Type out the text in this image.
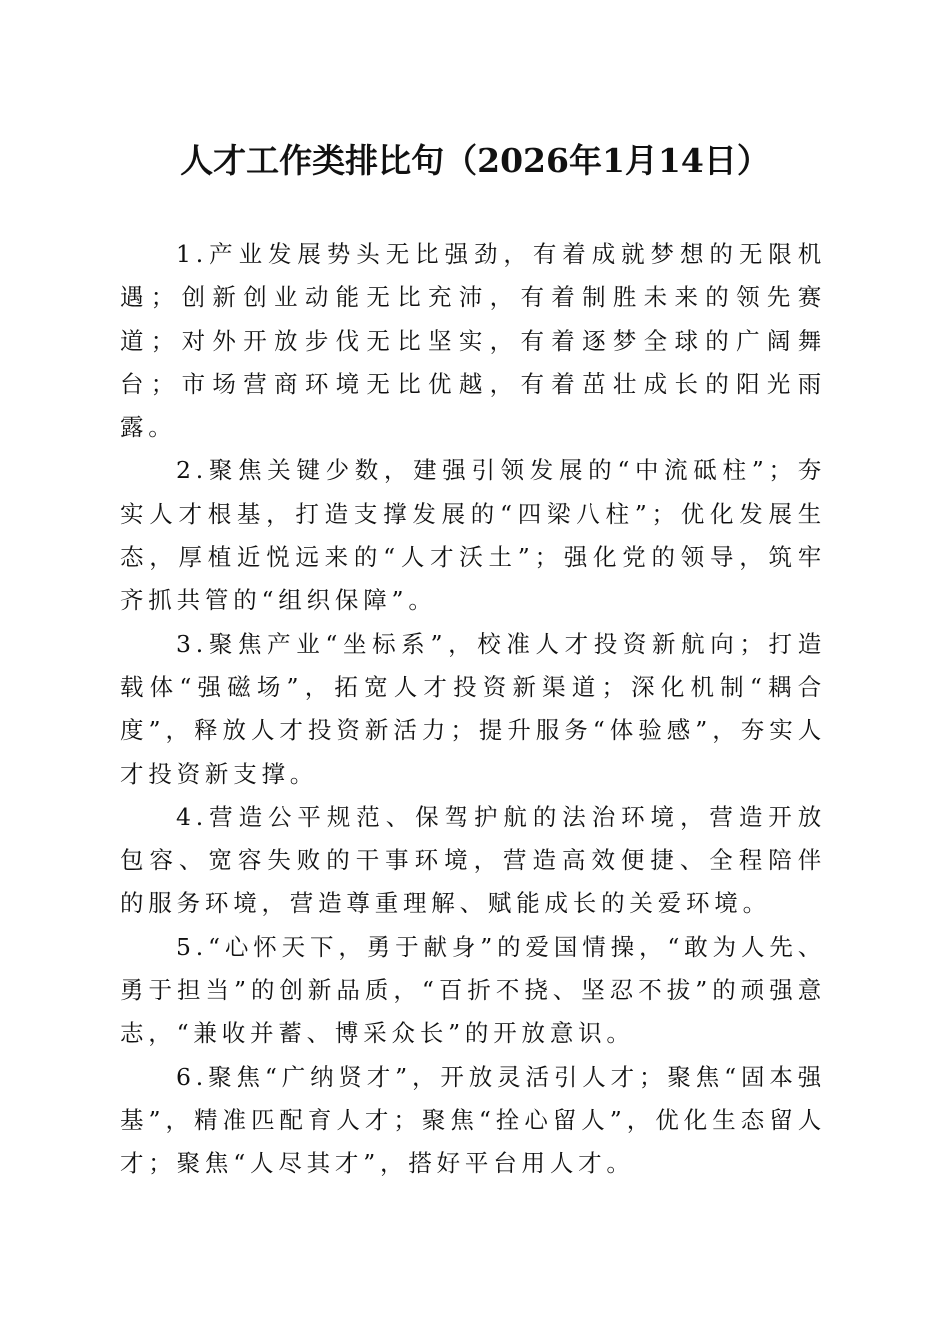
人才工作类排比句（2026年1月14日）

1.产业发展势头无比强劲，有着成就梦想的无限机遇；创新创业动能无比充沛，有着制胜未来的领先赛道；对外开放步伐无比坚实，有着逐梦全球的广阔舞台；市场营商环境无比优越，有着茁壮成长的阳光雨露。

2.聚焦关键少数，建强引领发展的“中流砥柱”；夯实人才根基，打造支撑发展的“四梁八柱”；优化发展生态，厚植近悦远来的“人才沃土”；强化党的领导，筑牢齐抓共管的“组织保障”。

3.聚焦产业“坐标系”，校准人才投资新航向；打造载体“强磁场”，拓宽人才投资新渠道；深化机制“耦合度”，释放人才投资新活力；提升服务“体验感”，夯实人才投资新支撑。

4.营造公平规范、保驾护航的法治环境，营造开放包容、宽容失败的干事环境，营造高效便捷、全程陪伴的服务环境，营造尊重理解、赋能成长的关爱环境。

5.“心怀天下，勇于献身”的爱国情操，“敢为人先、勇于担当”的创新品质，“百折不挠、坚忍不拔”的顽强意志，“兼收并蓄、博采众长”的开放意识。

6.聚焦“广纳贤才”，开放灵活引人才；聚焦“固本强基”，精准匹配育人才；聚焦“拴心留人”，优化生态留人才；聚焦“人尽其才”，搭好平台用人才。
